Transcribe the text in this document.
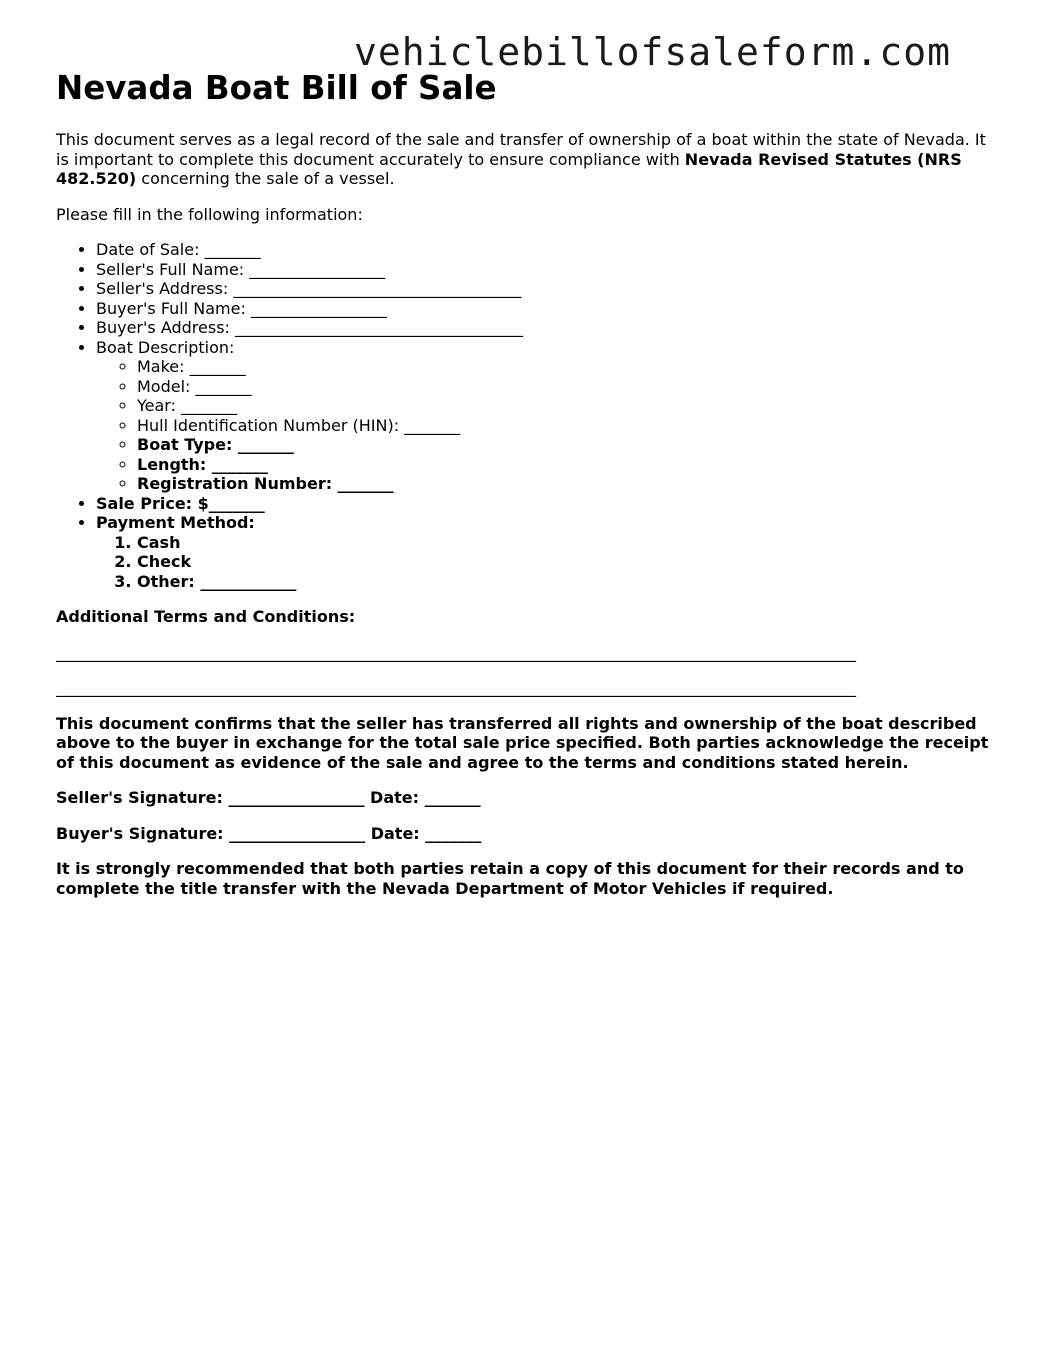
vehiclebillofsaleform.com
Nevada Boat Bill of Sale

This document serves as a legal record of the sale and transfer of ownership of a boat within the state of Nevada. It is important to complete this document accurately to ensure compliance with Nevada Revised Statutes (NRS 482.520) concerning the sale of a vessel.

Please fill in the following information:

• Date of Sale: _______
• Seller's Full Name: _________________
• Seller's Address: ____________________________________
• Buyer's Full Name: _________________
• Buyer's Address: ____________________________________
• Boat Description:
◦ Make: _______
◦ Model: _______
◦ Year: _______
◦ Hull Identification Number (HIN): _______
◦ Boat Type: _______
◦ Length: _______
◦ Registration Number: _______
• Sale Price: $_______
• Payment Method:
1. Cash
2. Check
3. Other: ____________

Additional Terms and Conditions:

____________________________________________________________________________________________________
____________________________________________________________________________________________________

This document confirms that the seller has transferred all rights and ownership of the boat described above to the buyer in exchange for the total sale price specified. Both parties acknowledge the receipt of this document as evidence of the sale and agree to the terms and conditions stated herein.

Seller's Signature: _________________ Date: _______

Buyer's Signature: _________________ Date: _______

It is strongly recommended that both parties retain a copy of this document for their records and to complete the title transfer with the Nevada Department of Motor Vehicles if required.
